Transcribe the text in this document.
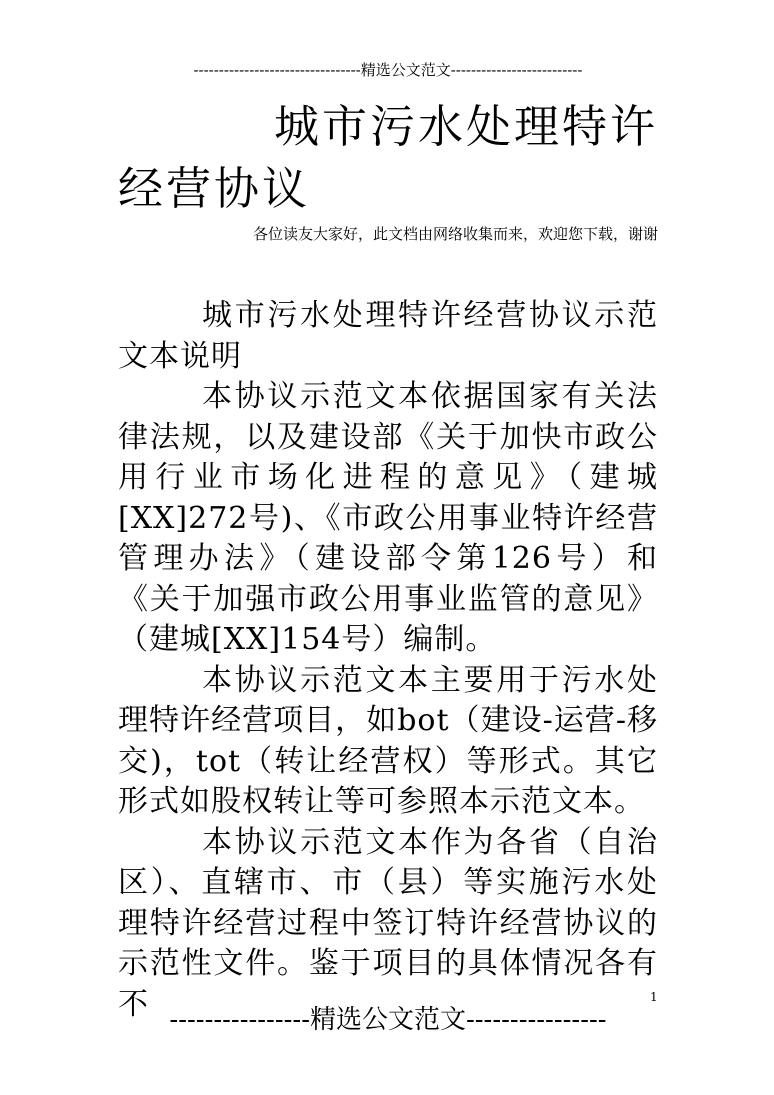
---------------------------------精选公文范文--------------------------
城市污水处理特许
经营协议
各位读友大家好，此文档由网络收集而来，欢迎您下载，谢谢

城市污水处理特许经营协议示范文本说明

本协议示范文本依据国家有关法律法规，以及建设部《关于加快市政公用行业市场化进程的意见》（建城[XX]272号)、《市政公用事业特许经营管理办法》（建设部令第126号）和《关于加强市政公用事业监管的意见》（建城[XX]154号）编制。

本协议示范文本主要用于污水处理特许经营项目，如bot（建设-运营-移交)，tot（转让经营权）等形式。其它形式如股权转让等可参照本示范文本。

本协议示范文本作为各省（自治区）、直辖市、市（县）等实施污水处理特许经营过程中签订特许经营协议的示范性文件。鉴于项目的具体情况各有不	1
----------------精选公文范文----------------
